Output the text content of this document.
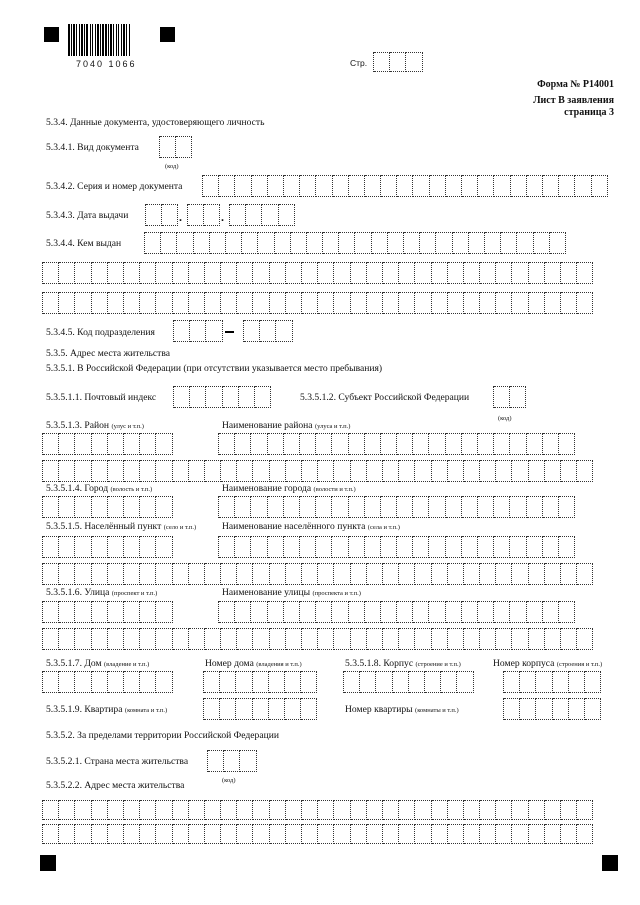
7040 1066	Стр.
Форма № Р14001
Лист В заявления
страница 3
5.3.4. Данные документа, удостоверяющего личность
5.3.4.1. Вид документа
(код)
5.3.4.2. Серия и номер документа
5.3.4.3. Дата выдачи	.	.
5.3.4.4. Кем выдан
5.3.4.5. Код подразделения
5.3.5. Адрес места жительства
5.3.5.1. В Российской Федерации (при отсутствии указывается место пребывания)
5.3.5.1.1. Почтовый индекс	5.3.5.1.2. Субъект Российской Федерации
(код)
5.3.5.1.3. Район (улус и т.п.)	Наименование района (улуса и т.п.)
5.3.5.1.4. Город (волость и т.п.)	Наименование города (волости и т.п.)
5.3.5.1.5. Населённый пункт (село и т.п.)	Наименование населённого пункта (села и т.п.)
5.3.5.1.6. Улица (проспект и т.п.)	Наименование улицы (проспекта и т.п.)
5.3.5.1.7. Дом (владение и т.п.)	Номер дома (владения и т.п.)	5.3.5.1.8. Корпус (строение и т.п.)	Номер корпуса (строения и т.п.)
5.3.5.1.9. Квартира (комната и т.п.)	Номер квартиры (комнаты и т.п.)
5.3.5.2. За пределами территории Российской Федерации
5.3.5.2.1. Страна места жительства
(код)
5.3.5.2.2. Адрес места жительства
